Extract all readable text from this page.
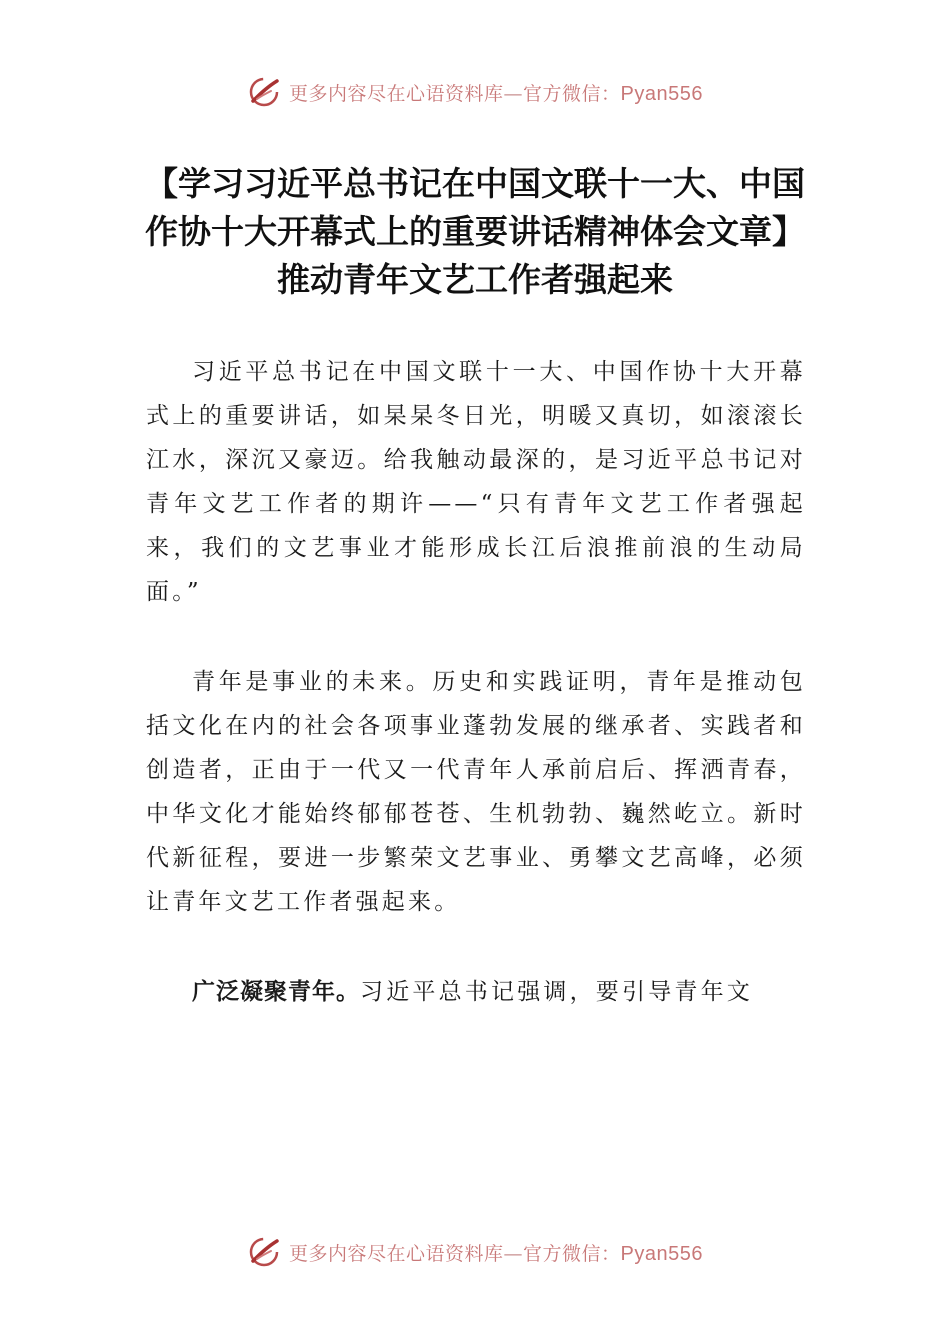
更多内容尽在心语资料库—官方微信：Pyan556
【学习习近平总书记在中国文联十一大、中国作协十大开幕式上的重要讲话精神体会文章】推动青年文艺工作者强起来

习近平总书记在中国文联十一大、中国作协十大开幕式上的重要讲话，如杲杲冬日光，明暖又真切，如滚滚长江水，深沉又豪迈。给我触动最深的，是习近平总书记对青年文艺工作者的期许——“只有青年文艺工作者强起来，我们的文艺事业才能形成长江后浪推前浪的生动局面。”

青年是事业的未来。历史和实践证明，青年是推动包括文化在内的社会各项事业蓬勃发展的继承者、实践者和创造者，正由于一代又一代青年人承前启后、挥洒青春，中华文化才能始终郁郁苍苍、生机勃勃、巍然屹立。新时代新征程，要进一步繁荣文艺事业、勇攀文艺高峰，必须让青年文艺工作者强起来。

广泛凝聚青年。习近平总书记强调，要引导青年文

更多内容尽在心语资料库—官方微信：Pyan556
